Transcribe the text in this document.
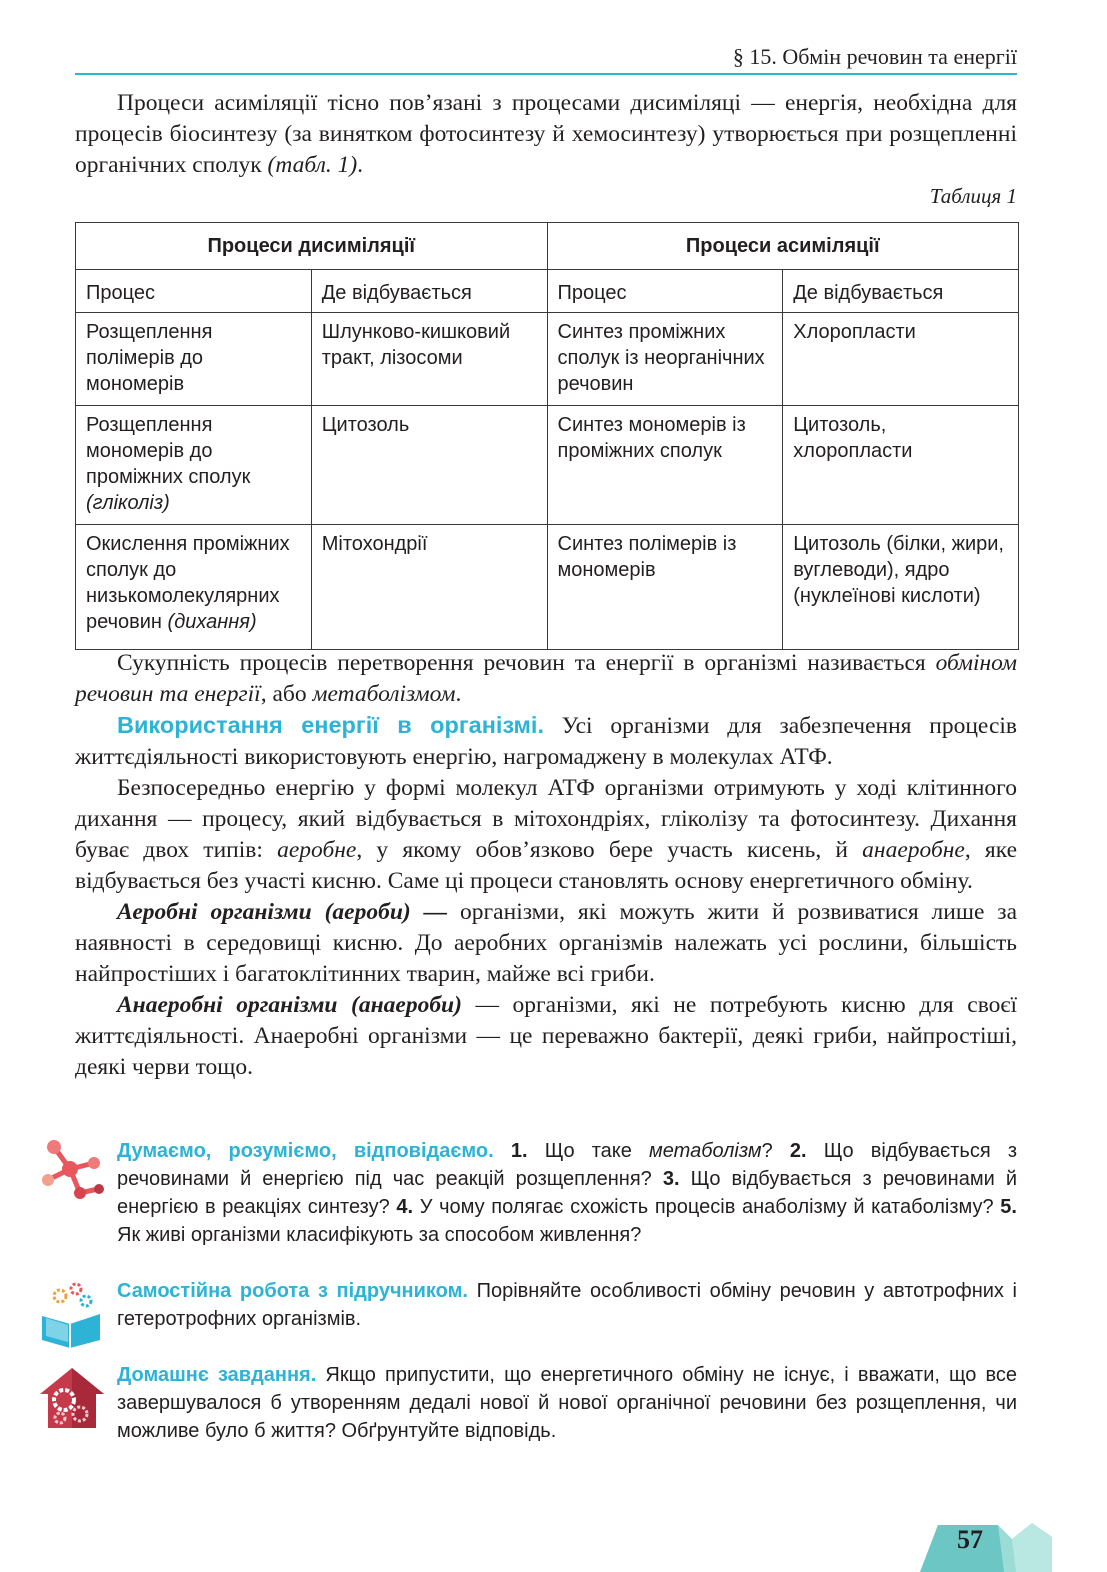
§ 15. Обмін речовин та енергії

Процеси асиміляції тісно пов’язані з процесами дисиміляці — енергія, необхідна для процесів біосинтезу (за винятком фотосинтезу й хемосинтезу) утворюється при розщепленні органічних сполук (табл. 1).

Таблиця 1
Процеси дисиміляції		Процеси асиміляції	
Процес	Де відбувається	Процес	Де відбувається
Розщеплення полімерів до мономерів	Шлунково-кишковий тракт, лізосоми	Синтез проміжних сполук із неорганічних речовин	Хлоропласти
Розщеплення мономерів до проміжних сполук (гліколіз)	Цитозоль	Синтез мономерів із проміжних сполук	Цитозоль, хлоропласти
Окислення проміжних сполук до низькомолекулярних речовин (дихання)	Мітохондрії	Синтез полімерів із мономерів	Цитозоль (білки, жири, вуглеводи), ядро (нуклеїнові кислоти)

Сукупність процесів перетворення речовин та енергії в організмі називається обміном речовин та енергії, або метаболізмом.

Використання енергії в організмі. Усі організми для забезпечення процесів життєдіяльності використовують енергію, нагромаджену в молекулах АТФ.

Безпосередньо енергію у формі молекул АТФ організми отримують у ході клітинного дихання — процесу, який відбувається в мітохондріях, гліколізу та фотосинтезу. Дихання буває двох типів: аеробне, у якому обов’язково бере участь кисень, й анаеробне, яке відбувається без участі кисню. Саме ці процеси становлять основу енергетичного обміну.

Аеробні організми (аероби) — організми, які можуть жити й розвиватися лише за наявності в середовищі кисню. До аеробних організмів належать усі рослини, більшість найпростіших і багатоклітинних тварин, майже всі гриби.

Анаеробні організми (анаероби) — організми, які не потребують кисню для своєї життєдіяльності. Анаеробні організми — це переважно бактерії, деякі гриби, найпростіші, деякі черви тощо.

Думаємо, розуміємо, відповідаємо. 1. Що таке метаболізм? 2. Що відбувається з речовинами й енергією під час реакцій розщеплення? 3. Що відбувається з речовинами й енергією в реакціях синтезу? 4. У чому полягає схожість процесів анаболізму й катаболізму? 5. Як живі організми класифікують за способом живлення?
Самостійна робота з підручником. Порівняйте особливості обміну речовин у автотрофних і гетеротрофних організмів.
Домашнє завдання. Якщо припустити, що енергетичного обміну не існує, і вважати, що все завершувалося б утворенням дедалі нової й нової органічної речовини без розщеплення, чи можливе було б життя? Обґрунтуйте відповідь.
57
